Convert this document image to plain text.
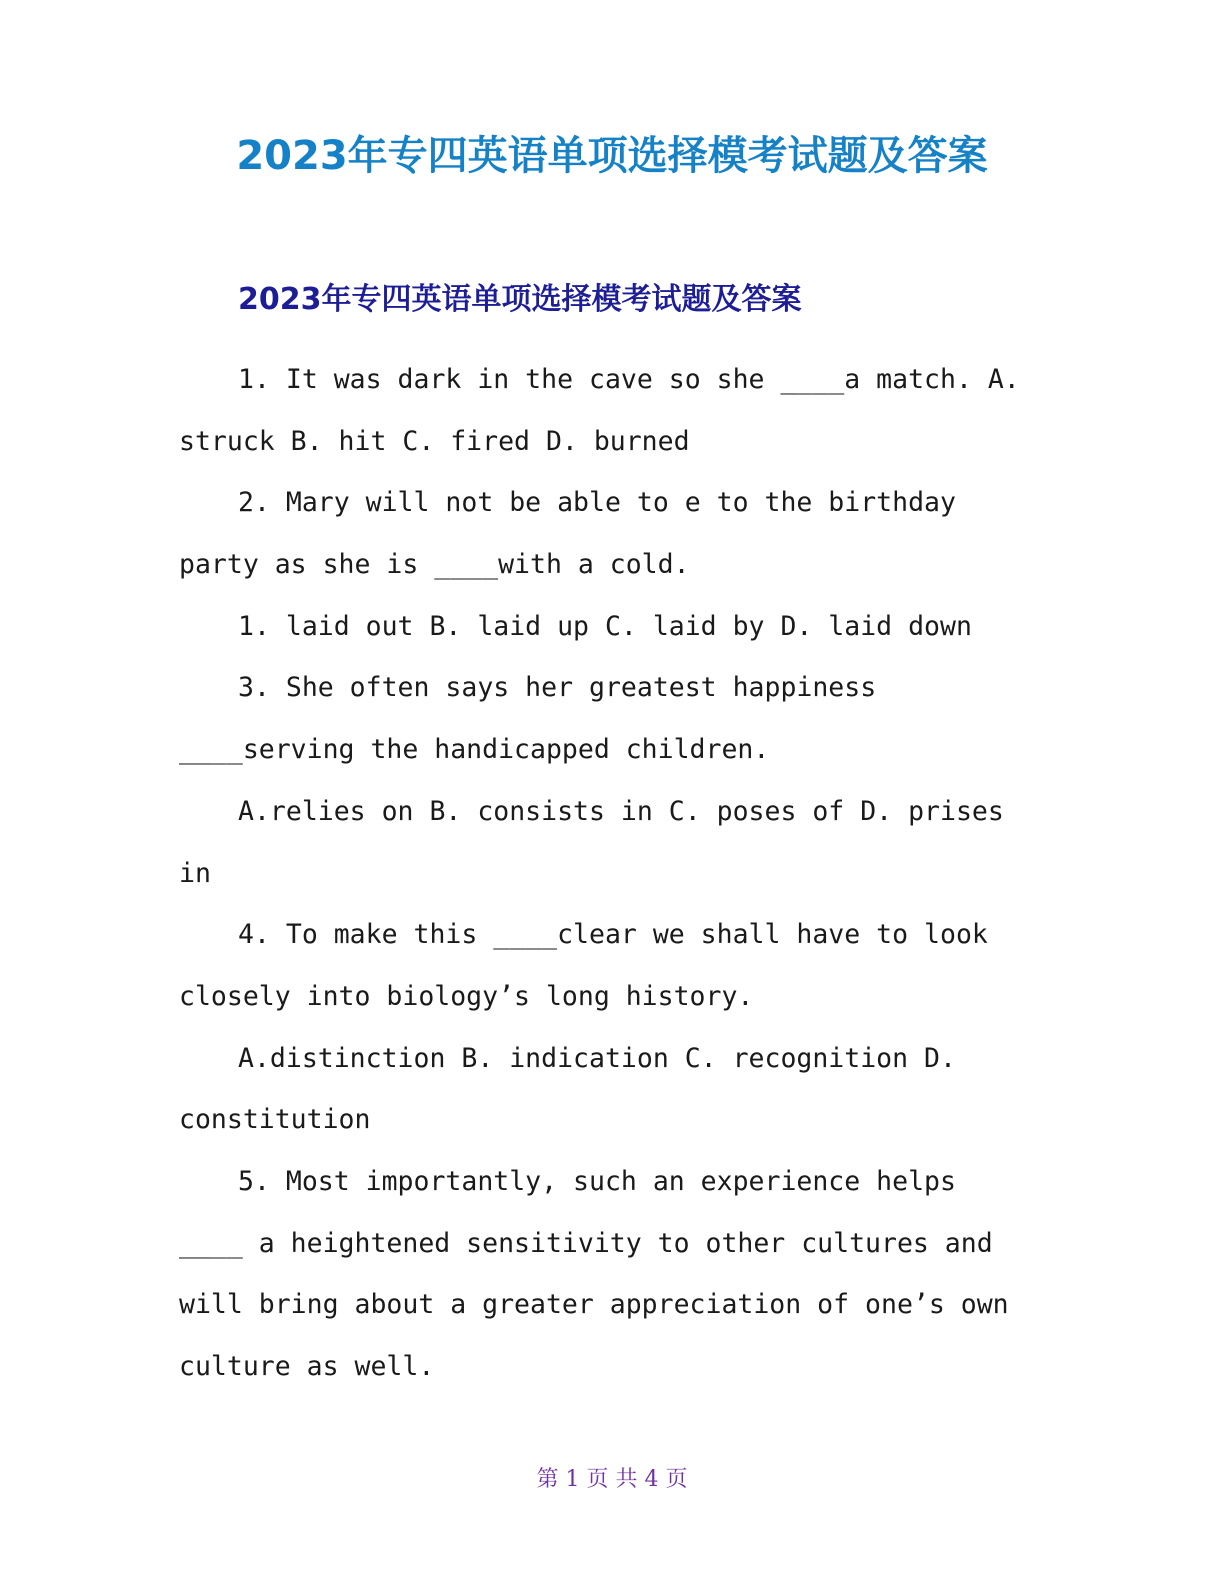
2023年专四英语单项选择模考试题及答案
2023年专四英语单项选择模考试题及答案
1. It was dark in the cave so she ____a match. A.
struck B. hit C. fired D. burned
2. Mary will not be able to e to the birthday
party as she is ____with a cold.
1. laid out B. laid up C. laid by D. laid down
3. She often says her greatest happiness
____serving the handicapped children.
A.relies on B. consists in C. poses of D. prises
in
4. To make this ____clear we shall have to look
closely into biology’s long history.
A.distinction B. indication C. recognition D.
constitution
5. Most importantly, such an experience helps
____ a heightened sensitivity to other cultures and
will bring about a greater appreciation of one’s own
culture as well.
第 1 页 共 4 页
